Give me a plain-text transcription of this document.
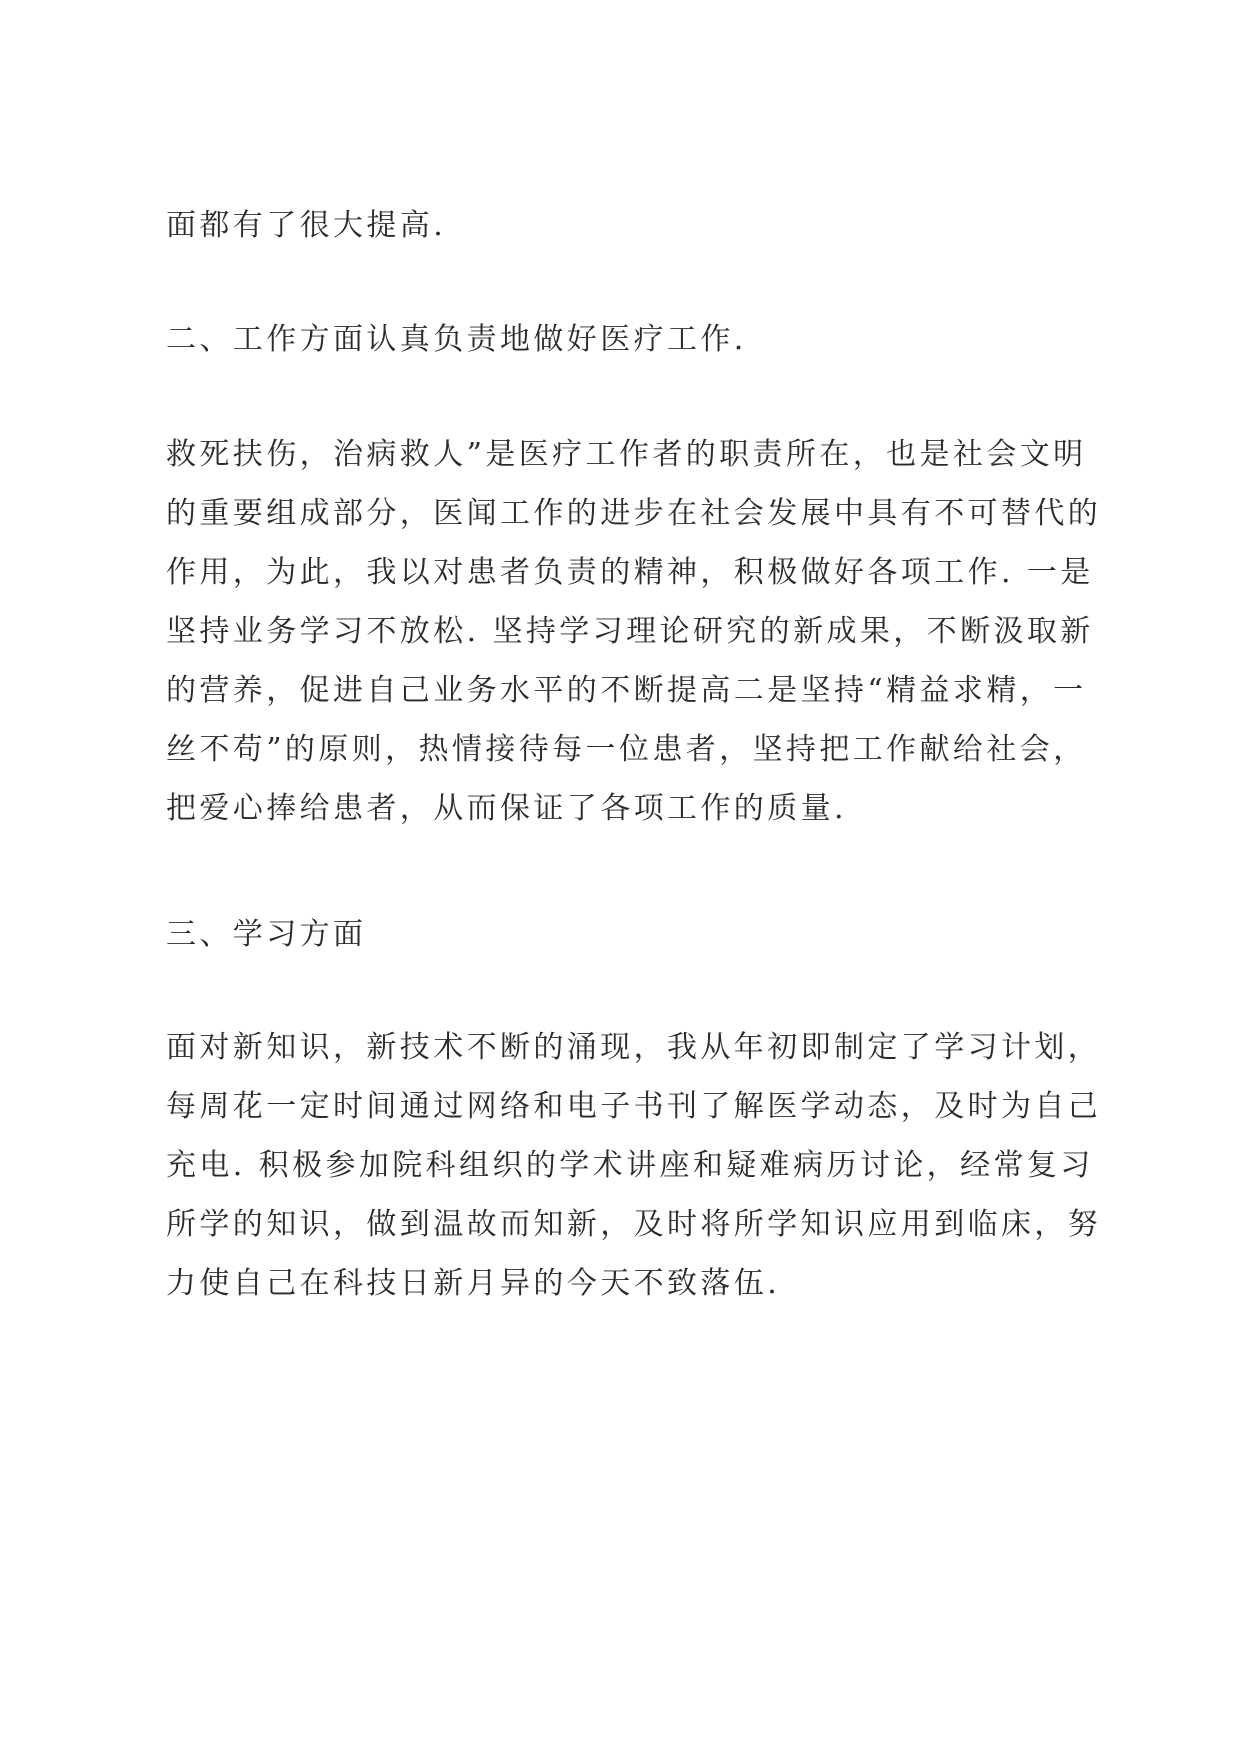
面都有了很大提高.
二、工作方面认真负责地做好医疗工作.
救死扶伤，治病救人”是医疗工作者的职责所在，也是社会文明
的重要组成部分，医闻工作的进步在社会发展中具有不可替代的
作用，为此，我以对患者负责的精神，积极做好各项工作. 一是
坚持业务学习不放松. 坚持学习理论研究的新成果，不断汲取新
的营养，促进自己业务水平的不断提高二是坚持“精益求精，一
丝不苟”的原则，热情接待每一位患者，坚持把工作献给社会，
把爱心捧给患者，从而保证了各项工作的质量.
三、学习方面
面对新知识，新技术不断的涌现，我从年初即制定了学习计划，
每周花一定时间通过网络和电子书刊了解医学动态，及时为自己
充电. 积极参加院科组织的学术讲座和疑难病历讨论，经常复习
所学的知识，做到温故而知新，及时将所学知识应用到临床，努
力使自己在科技日新月异的今天不致落伍.
